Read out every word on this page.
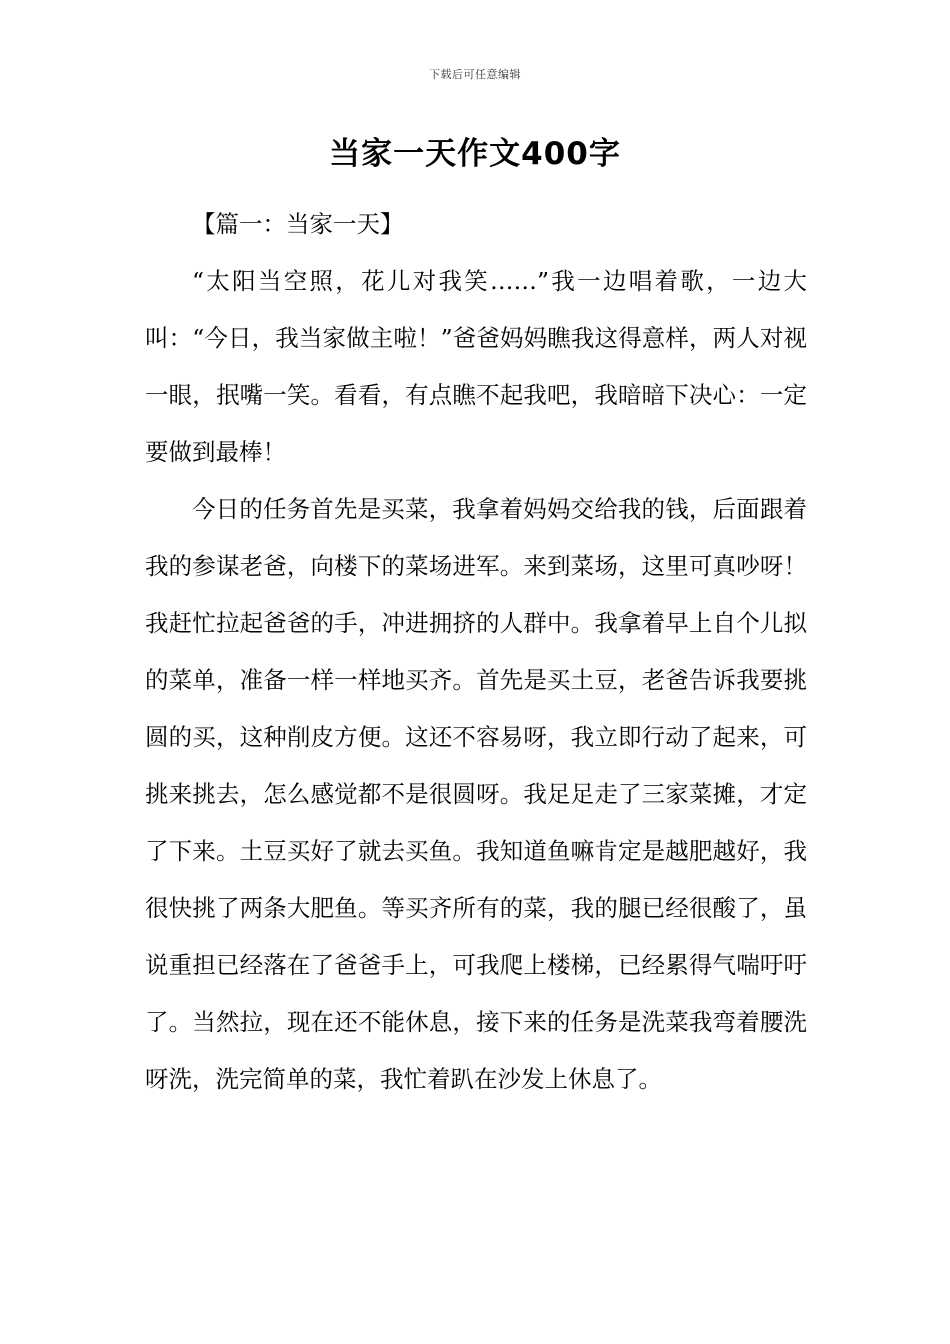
下载后可任意编辑
当家一天作文400字

【篇一：当家一天】

“太阳当空照，花儿对我笑……”我一边唱着歌，一边大叫：“今日，我当家做主啦！”爸爸妈妈瞧我这得意样，两人对视一眼，抿嘴一笑。看看，有点瞧不起我吧，我暗暗下决心：一定要做到最棒！

今日的任务首先是买菜，我拿着妈妈交给我的钱，后面跟着我的参谋老爸，向楼下的菜场进军。来到菜场，这里可真吵呀！我赶忙拉起爸爸的手，冲进拥挤的人群中。我拿着早上自个儿拟的菜单，准备一样一样地买齐。首先是买土豆，老爸告诉我要挑圆的买，这种削皮方便。这还不容易呀，我立即行动了起来，可挑来挑去，怎么感觉都不是很圆呀。我足足走了三家菜摊，才定了下来。土豆买好了就去买鱼。我知道鱼嘛肯定是越肥越好，我很快挑了两条大肥鱼。等买齐所有的菜，我的腿已经很酸了，虽说重担已经落在了爸爸手上，可我爬上楼梯，已经累得气喘吁吁了。当然拉，现在还不能休息，接下来的任务是洗菜我弯着腰洗呀洗，洗完简单的菜，我忙着趴在沙发上休息了。
